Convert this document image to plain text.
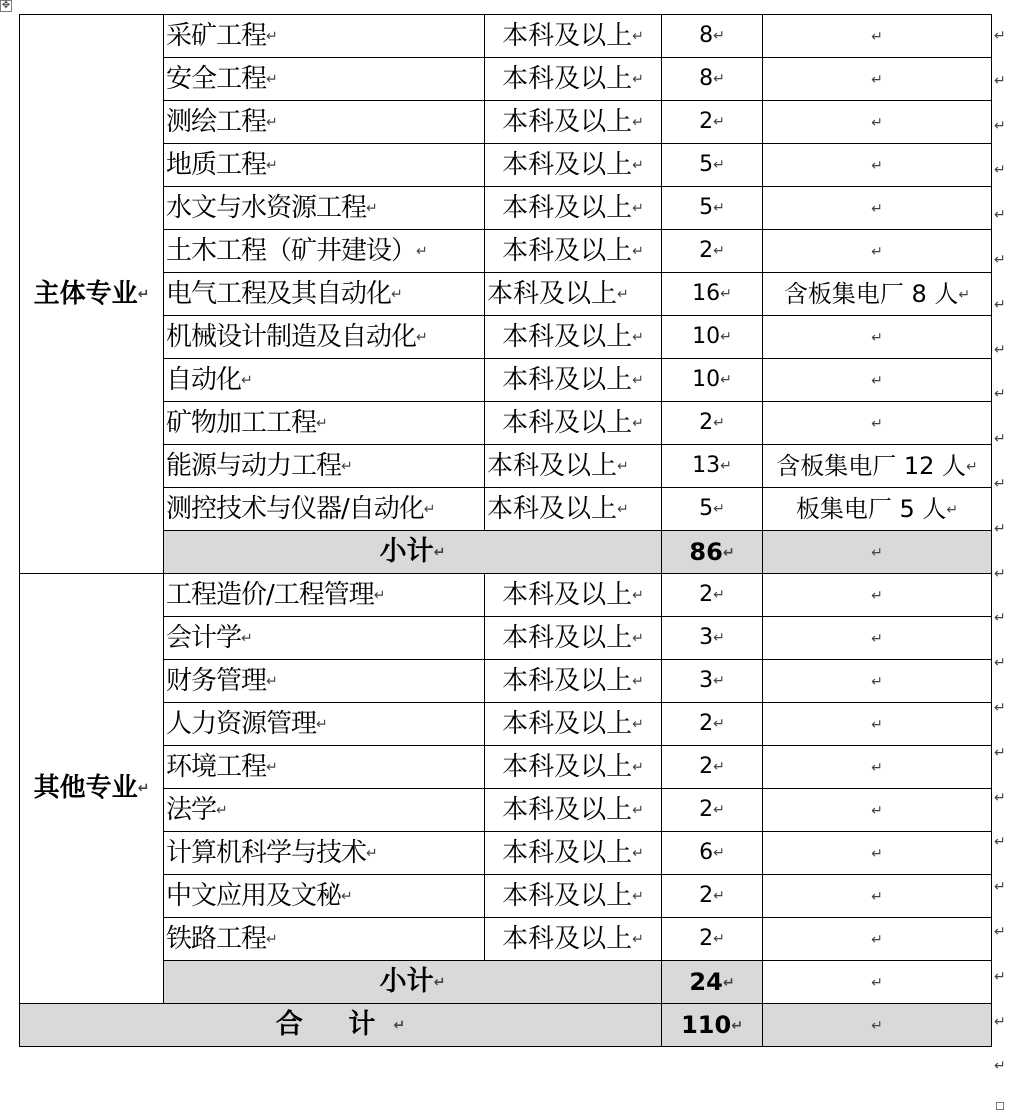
✥
主体专业↵	采矿工程↵	本科及以上↵	8↵	↵
	安全工程↵	本科及以上↵	8↵	↵
	测绘工程↵	本科及以上↵	2↵	↵
	地质工程↵	本科及以上↵	5↵	↵
	水文与水资源工程↵	本科及以上↵	5↵	↵
	土木工程（矿井建设）↵	本科及以上↵	2↵	↵
	电气工程及其自动化↵	本科及以上↵	16↵	含板集电厂 8 人↵
	机械设计制造及自动化↵	本科及以上↵	10↵	↵
	自动化↵	本科及以上↵	10↵	↵
	矿物加工工程↵	本科及以上↵	2↵	↵
	能源与动力工程↵	本科及以上↵	13↵	含板集电厂 12 人↵
	测控技术与仪器/自动化↵	本科及以上↵	5↵	板集电厂 5 人↵
	小计↵		86↵	↵
其他专业↵	工程造价/工程管理↵	本科及以上↵	2↵	↵
	会计学↵	本科及以上↵	3↵	↵
	财务管理↵	本科及以上↵	3↵	↵
	人力资源管理↵	本科及以上↵	2↵	↵
	环境工程↵	本科及以上↵	2↵	↵
	法学↵	本科及以上↵	2↵	↵
	计算机科学与技术↵	本科及以上↵	6↵	↵
	中文应用及文秘↵	本科及以上↵	2↵	↵
	铁路工程↵	本科及以上↵	2↵	↵
	小计↵		24↵	↵
合 计↵			110↵	↵
↵
↵
↵
↵
↵
↵
↵
↵
↵
↵
↵
↵
↵
↵
↵
↵
↵
↵
↵
↵
↵
↵
↵
↵
